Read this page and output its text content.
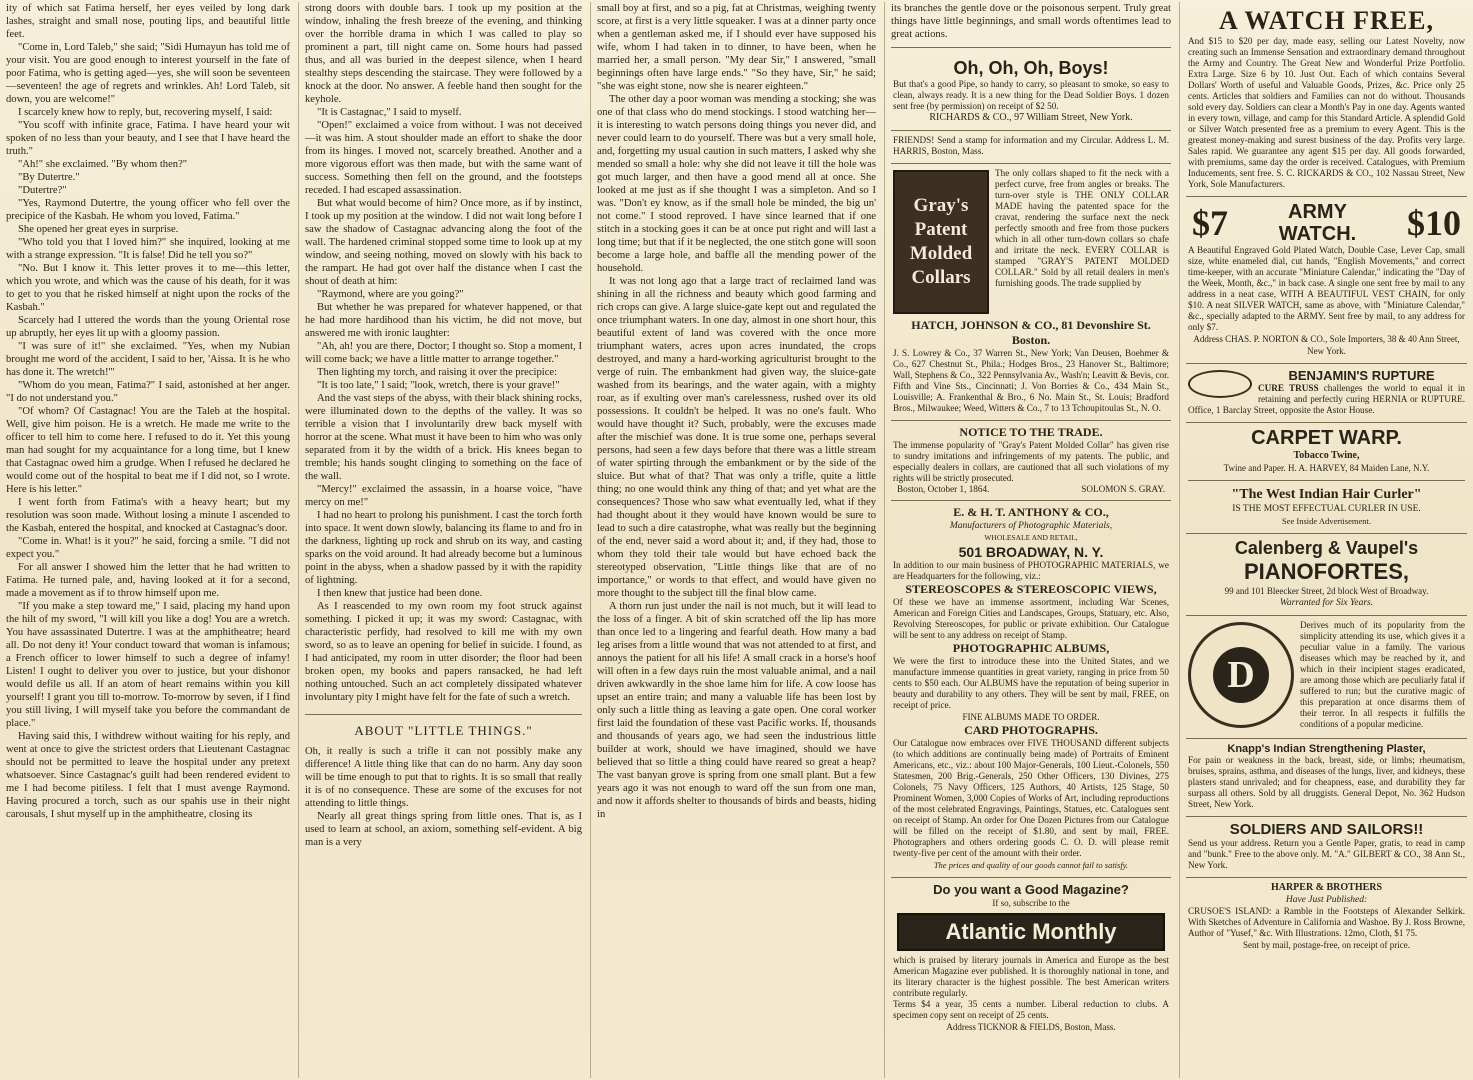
ity of which sat Fatima herself, her eyes veiled by long dark lashes, straight and small nose, pouting lips, and beautiful little feet.

"Come in, Lord Taleb," she said; "Sidi Humayun has told me of your visit. You are good enough to interest yourself in the fate of poor Fatima, who is getting aged—yes, she will soon be seventeen—seventeen! the age of regrets and wrinkles. Ah! Lord Taleb, sit down, you are welcome!"

I scarcely knew how to reply, but, recovering myself, I said:

"You scoff with infinite grace, Fatima. I have heard your wit spoken of no less than your beauty, and I see that I have heard the truth."

"Ah!" she exclaimed. "By whom then?"

"By Dutertre."

"Dutertre?"

"Yes, Raymond Dutertre, the young officer who fell over the precipice of the Kasbah. He whom you loved, Fatima."

She opened her great eyes in surprise.

"Who told you that I loved him?" she inquired, looking at me with a strange expression. "It is false! Did he tell you so?"

"No. But I know it. This letter proves it to me—this letter, which you wrote, and which was the cause of his death, for it was to get to you that he risked himself at night upon the rocks of the Kasbah."

Scarcely had I uttered the words than the young Oriental rose up abruptly, her eyes lit up with a gloomy passion.

"I was sure of it!" she exclaimed. "Yes, when my Nubian brought me word of the accident, I said to her, 'Aissa. It is he who has done it. The wretch!'"

"Whom do you mean, Fatima?" I said, astonished at her anger. "I do not understand you."

"Of whom? Of Castagnac! You are the Taleb at the hospital. Well, give him poison. He is a wretch. He made me write to the officer to tell him to come here. I refused to do it. Yet this young man had sought for my acquaintance for a long time, but I knew that Castagnac owed him a grudge. When I refused he declared he would come out of the hospital to beat me if I did not, so I wrote. Here is his letter."

I went forth from Fatima's with a heavy heart; but my resolution was soon made. Without losing a minute I ascended to the Kasbah, entered the hospital, and knocked at Castagnac's door.

"Come in. What! is it you?" he said, forcing a smile. "I did not expect you."

For all answer I showed him the letter that he had written to Fatima. He turned pale, and, having looked at it for a second, made a movement as if to throw himself upon me.

"If you make a step toward me," I said, placing my hand upon the hilt of my sword, "I will kill you like a dog! You are a wretch. You have assassinated Dutertre. I was at the amphitheatre; heard all. Do not deny it! Your conduct toward that woman is infamous; a French officer to lower himself to such a degree of infamy! Listen! I ought to deliver you over to justice, but your dishonor would defile us all. If an atom of heart remains within you kill yourself! I grant you till to-morrow. To-morrow by seven, if I find you still living, I will myself take you before the commandant de place."

Having said this, I withdrew without waiting for his reply, and went at once to give the strictest orders that Lieutenant Castagnac should not be permitted to leave the hospital under any pretext whatsoever. Since Castagnac's guilt had been rendered evident to me I had become pitiless. I felt that I must avenge Raymond. Having procured a torch, such as our spahis use in their night carousals, I shut myself up in the amphitheatre, closing its

strong doors with double bars. I took up my position at the window, inhaling the fresh breeze of the evening, and thinking over the horrible drama in which I was called to play so prominent a part, till night came on. Some hours had passed thus, and all was buried in the deepest silence, when I heard stealthy steps descending the staircase. They were followed by a knock at the door. No answer. A feeble hand then sought for the keyhole.

"It is Castagnac," I said to myself.

"Open!" exclaimed a voice from without. I was not deceived—it was him. A stout shoulder made an effort to shake the door from its hinges. I moved not, scarcely breathed. Another and a more vigorous effort was then made, but with the same want of success. Something then fell on the ground, and the footsteps receded. I had escaped assassination.

But what would become of him? Once more, as if by instinct, I took up my position at the window. I did not wait long before I saw the shadow of Castagnac advancing along the foot of the wall. The hardened criminal stopped some time to look up at my window, and seeing nothing, moved on slowly with his back to the rampart. He had got over half the distance when I cast the shout of death at him:

"Raymond, where are you going?"

But whether he was prepared for whatever happened, or that he had more hardihood than his victim, he did not move, but answered me with ironic laughter:

"Ah, ah! you are there, Doctor; I thought so. Stop a moment, I will come back; we have a little matter to arrange together."

Then lighting my torch, and raising it over the precipice:

"It is too late," I said; "look, wretch, there is your grave!"

And the vast steps of the abyss, with their black shining rocks, were illuminated down to the depths of the valley. It was so terrible a vision that I involuntarily drew back myself with horror at the scene. What must it have been to him who was only separated from it by the width of a brick. His knees began to tremble; his hands sought clinging to something on the face of the wall.

"Mercy!" exclaimed the assassin, in a hoarse voice, "have mercy on me!"

I had no heart to prolong his punishment. I cast the torch forth into space. It went down slowly, balancing its flame to and fro in the darkness, lighting up rock and shrub on its way, and casting sparks on the void around. It had already become but a luminous point in the abyss, when a shadow passed by it with the rapidity of lightning.

I then knew that justice had been done.

As I reascended to my own room my foot struck against something. I picked it up; it was my sword: Castagnac, with characteristic perfidy, had resolved to kill me with my own sword, so as to leave an opening for belief in suicide. I found, as I had anticipated, my room in utter disorder; the floor had been broken open, my books and papers ransacked, he had left nothing untouched. Such an act completely dissipated whatever involuntary pity I might have felt for the fate of such a wretch.

ABOUT "LITTLE THINGS."

Oh, it really is such a trifle it can not possibly make any difference! A little thing like that can do no harm. Any day soon will be time enough to put that to rights. It is so small that really it is of no consequence. These are some of the excuses for not attending to little things.

Nearly all great things spring from little ones. That is, as I used to learn at school, an axiom, something self-evident. A big man is a very

small boy at first, and so a pig, fat at Christmas, weighing twenty score, at first is a very little squeaker. I was at a dinner party once when a gentleman asked me, if I should ever have supposed his wife, whom I had taken in to dinner, to have been, when he married her, a small person. "My dear Sir," I answered, "small beginnings often have large ends." "So they have, Sir," he said; "she was eight stone, now she is nearer eighteen."

The other day a poor woman was mending a stocking; she was one of that class who do mend stockings. I stood watching her—it is interesting to watch persons doing things you never did, and never could learn to do yourself. There was but a very small hole, and, forgetting my usual caution in such matters, I asked why she mended so small a hole: why she did not leave it till the hole was got much larger, and then have a good mend all at once. She looked at me just as if she thought I was a simpleton. And so I was. "Don't ey know, as if the small hole be minded, the big un' not come." I stood reproved. I have since learned that if one stitch in a stocking goes it can be at once put right and will last a long time; but that if it be neglected, the one stitch gone will soon become a large hole, and baffle all the mending power of the household.

It was not long ago that a large tract of reclaimed land was shining in all the richness and beauty which good farming and rich crops can give. A large sluice-gate kept out and regulated the once triumphant waters. In one day, almost in one short hour, this beautiful extent of land was covered with the once more triumphant waters, acres upon acres inundated, the crops destroyed, and many a hard-working agriculturist brought to the verge of ruin. The embankment had given way, the sluice-gate washed from its bearings, and the water again, with a mighty roar, as if exulting over man's carelessness, rushed over its old possessions. It couldn't be helped. It was no one's fault. Who would have thought it? Such, probably, were the excuses made after the mischief was done. It is true some one, perhaps several persons, had seen a few days before that there was a little stream of water spirting through the embankment or by the side of the sluice. But what of that? That was only a trifle, quite a little thing; no one would think any thing of that; and yet what are the consequences? Those who saw what eventually led, what if they had thought about it they would have known would be sure to lead to such a dire catastrophe, what was really but the beginning of the end, never said a word about it; and, if they had, those to whom they told their tale would but have echoed back the stereotyped observation, "Little things like that are of no importance," or words to that effect, and would have given no more thought to the subject till the final blow came.

A thorn run just under the nail is not much, but it will lead to the loss of a finger. A bit of skin scratched off the lip has more than once led to a lingering and fearful death. How many a bad leg arises from a little wound that was not attended to at first, and annoys the patient for all his life! A small crack in a horse's hoof will often in a few days ruin the most valuable animal, and a nail driven awkwardly in the shoe lame him for life. A cow loose has upset an entire train; and many a valuable life has been lost by only such a little thing as leaving a gate open. One coral worker first laid the foundation of these vast Pacific works. If, thousands and thousands of years ago, we had seen the industrious little builder at work, should we have imagined, should we have believed that so little a thing could have reared so great a heap? The vast banyan grove is spring from one small plant. But a few years ago it was not enough to ward off the sun from one man, and now it affords shelter to thousands of birds and beasts, hiding in

its branches the gentle dove or the poisonous serpent. Truly great things have little beginnings, and small words oftentimes lead to great actions.

Oh, Oh, Oh, Boys!
But that's a good Pipe, so handy to carry, so pleasant to smoke, so easy to clean, always ready. It is a new thing for the Dead Soldier Boys. 1 dozen sent free (by permission) on receipt of $2 50.
RICHARDS & CO., 97 William Street, New York.
FRIENDS! Send a stamp for information and my Circular. Address L. M. HARRIS, Boston, Mass.
Gray's
Patent
Molded
Collars
The only collars shaped to fit the neck with a perfect curve, free from angles or breaks. The turn-over style is THE ONLY COLLAR MADE having the patented space for the cravat, rendering the surface next the neck perfectly smooth and free from those puckers which in all other turn-down collars so chafe and irritate the neck. EVERY COLLAR is stamped "GRAY'S PATENT MOLDED COLLAR." Sold by all retail dealers in men's furnishing goods. The trade supplied by
HATCH, JOHNSON & CO., 81 Devonshire St. Boston.
J. S. Lowrey & Co., 37 Warren St., New York; Van Deusen, Boehmer & Co., 627 Chestnut St., Phila.; Hodges Bros., 23 Hanover St., Baltimore; Wall, Stephens & Co., 322 Pennsylvania Av., Wash'n; Leavitt & Bevis, cor. Fifth and Vine Sts., Cincinnati; J. Von Borries & Co., 434 Main St., Louisville; A. Frankenthal & Bro., 6 No. Main St., St. Louis; Bradford Bros., Milwaukee; Weed, Witters & Co., 7 to 13 Tchoupitoulas St., N. O.
NOTICE TO THE TRADE.
The immense popularity of "Gray's Patent Molded Collar" has given rise to sundry imitations and infringements of my patents. The public, and especially dealers in collars, are cautioned that all such violations of my rights will be strictly prosecuted.
Boston, October 1, 1864.	SOLOMON S. GRAY.
E. & H. T. ANTHONY & CO.,
Manufacturers of Photographic Materials,
WHOLESALE AND RETAIL,
501 BROADWAY, N. Y.
In addition to our main business of PHOTOGRAPHIC MATERIALS, we are Headquarters for the following, viz.:
STEREOSCOPES & STEREOSCOPIC VIEWS,
Of these we have an immense assortment, including War Scenes, American and Foreign Cities and Landscapes, Groups, Statuary, etc. Also, Revolving Stereoscopes, for public or private exhibition. Our Catalogue will be sent to any address on receipt of Stamp.
PHOTOGRAPHIC ALBUMS,
We were the first to introduce these into the United States, and we manufacture immense quantities in great variety, ranging in price from 50 cents to $50 each. Our ALBUMS have the reputation of being superior in beauty and durability to any others. They will be sent by mail, FREE, on receipt of price.
FINE ALBUMS MADE TO ORDER.
CARD PHOTOGRAPHS.
Our Catalogue now embraces over FIVE THOUSAND different subjects (to which additions are continually being made) of Portraits of Eminent Americans, etc., viz.: about 100 Major-Generals, 100 Lieut.-Colonels, 550 Statesmen, 200 Brig.-Generals, 250 Other Officers, 130 Divines, 275 Colonels, 75 Navy Officers, 125 Authors, 40 Artists, 125 Stage, 50 Prominent Women, 3,000 Copies of Works of Art, including reproductions of the most celebrated Engravings, Paintings, Statues, etc. Catalogues sent on receipt of Stamp. An order for One Dozen Pictures from our Catalogue will be filled on the receipt of $1.80, and sent by mail, FREE. Photographers and others ordering goods C. O. D. will please remit twenty-five per cent of the amount with their order.
The prices and quality of our goods cannot fail to satisfy.
Do you want a Good Magazine?
If so, subscribe to the
Atlantic Monthly
which is praised by literary journals in America and Europe as the best American Magazine ever published. It is thoroughly national in tone, and its literary character is the highest possible. The best American writers contribute regularly.
Terms $4 a year, 35 cents a number. Liberal reduction to clubs. A specimen copy sent on receipt of 25 cents.
Address TICKNOR & FIELDS, Boston, Mass.
A WATCH FREE,
And $15 to $20 per day, made easy, selling our Latest Novelty, now creating such an Immense Sensation and extraordinary demand throughout the Army and Country. The Great New and Wonderful Prize Portfolio. Extra Large. Size 6 by 10. Just Out. Each of which contains Several Dollars' Worth of useful and Valuable Goods, Prizes, &c. Price only 25 cents. Articles that soldiers and Families can not do without. Thousands sold every day. Soldiers can clear a Month's Pay in one day. Agents wanted in every town, village, and camp for this Standard Article. A splendid Gold or Silver Watch presented free as a premium to every Agent. This is the greatest money-making and surest business of the day. Profits very large. Sales rapid. We guarantee any agent $15 per day. All goods forwarded, with premiums, same day the order is received. Catalogues, with Premium Inducements, sent free. S. C. RICKARDS & CO., 102 Nassau Street, New York, Sole Manufacturers.
$7	ARMY
WATCH. $10
A Beautiful Engraved Gold Plated Watch, Double Case, Lever Cap, small size, white enameled dial, cut hands, "English Movements," and correct time-keeper, with an accurate "Miniature Calendar," indicating the "Day of the Week, Month, &c.," in back case. A single one sent free by mail to any address in a neat case, WITH A BEAUTIFUL VEST CHAIN, for only $10. A neat SILVER WATCH, same as above, with "Miniature Calendar," &c., specially adapted to the ARMY. Sent free by mail, to any address for only $7.
Address CHAS. P. NORTON & CO., Sole Importers, 38 & 40 Ann Street, New York.
BENJAMIN'S RUPTURE
CURE TRUSS challenges the world to equal it in retaining and perfectly curing HERNIA or RUPTURE. Office, 1 Barclay Street, opposite the Astor House.
CARPET WARP.
Tobacco Twine,
Twine and Paper. H. A. HARVEY, 84 Maiden Lane, N.Y.
"The West Indian Hair Curler"
IS THE MOST EFFECTUAL CURLER IN USE.
See Inside Advertisement.
Calenberg & Vaupel's
PIANOFORTES,
99 and 101 Bleecker Street, 2d block West of Broadway.
Warranted for Six Years.
D
Derives much of its popularity from the simplicity attending its use, which gives it a peculiar value in a family. The various diseases which may be reached by it, and which in their incipient stages eradicated, are among those which are peculiarly fatal if suffered to run; but the curative magic of this preparation at once disarms them of their terror. In all respects it fulfills the conditions of a popular medicine.
Knapp's Indian Strengthening Plaster,
For pain or weakness in the back, breast, side, or limbs; rheumatism, bruises, sprains, asthma, and diseases of the lungs, liver, and kidneys, these plasters stand unrivaled; and for cheapness, ease, and durability they far surpass all others. Sold by all druggists. General Depot, No. 362 Hudson Street, New York.
SOLDIERS AND SAILORS!!
Send us your address. Return you a Gentle Paper, gratis, to read in camp and "bunk." Free to the above only. M. "A." GILBERT & CO., 38 Ann St., New York.
HARPER & BROTHERS
Have Just Published:
CRUSOE'S ISLAND: a Ramble in the Footsteps of Alexander Selkirk. With Sketches of Adventure in California and Washoe. By J. Ross Browne, Author of "Yusef," &c. With Illustrations. 12mo, Cloth, $1 75.
Sent by mail, postage-free, on receipt of price.
